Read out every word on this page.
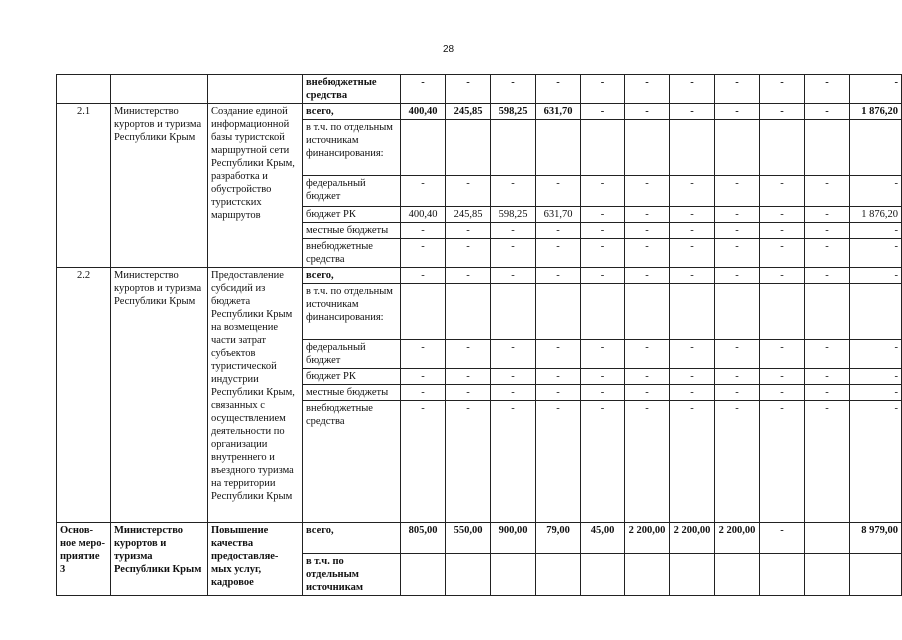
28
			внебюджетные средства	-	-	-	-	-	-	-	-	-	-	-
2.1	Министерство курортов и туризма Республики Крым	Создание единой информационной базы туристской маршрутной сети Республики Крым, разработка и обустройство туристских маршрутов	всего,	400,40	245,85	598,25	631,70	-	-	-	-	-	-	1 876,20
			в т.ч. по отдельным источникам финансирования:											
			федеральный бюджет	-	-	-	-	-	-	-	-	-	-	-
			бюджет РК	400,40	245,85	598,25	631,70	-	-	-	-	-	-	1 876,20
			местные бюджеты	-	-	-	-	-	-	-	-	-	-	-
			внебюджетные средства	-	-	-	-	-	-	-	-	-	-	-
2.2	Министерство курортов и туризма Республики Крым	Предоставление субсидий из бюджета Республики Крым на возмещение части затрат субъектов туристической индустрии Республики Крым, связанных с осуществлением деятельности по организации внутреннего и въездного туризма на территории Республики Крым	всего,	-	-	-	-	-	-	-	-	-	-	-
			в т.ч. по отдельным источникам финансирования:											
			федеральный бюджет	-	-	-	-	-	-	-	-	-	-	-
			бюджет РК	-	-	-	-	-	-	-	-	-	-	-
			местные бюджеты	-	-	-	-	-	-	-	-	-	-	-
			внебюджетные средства	-	-	-	-	-	-	-	-	-	-	-
Основ-ное меро-приятие 3	Министерство курортов и туризма Республики Крым	Повышение качества предоставляе-мых услуг, кадровое	всего,	805,00	550,00	900,00	79,00	45,00	2 200,00	2 200,00	2 200,00	-		8 979,00
			в т.ч. по отдельным источникам											
